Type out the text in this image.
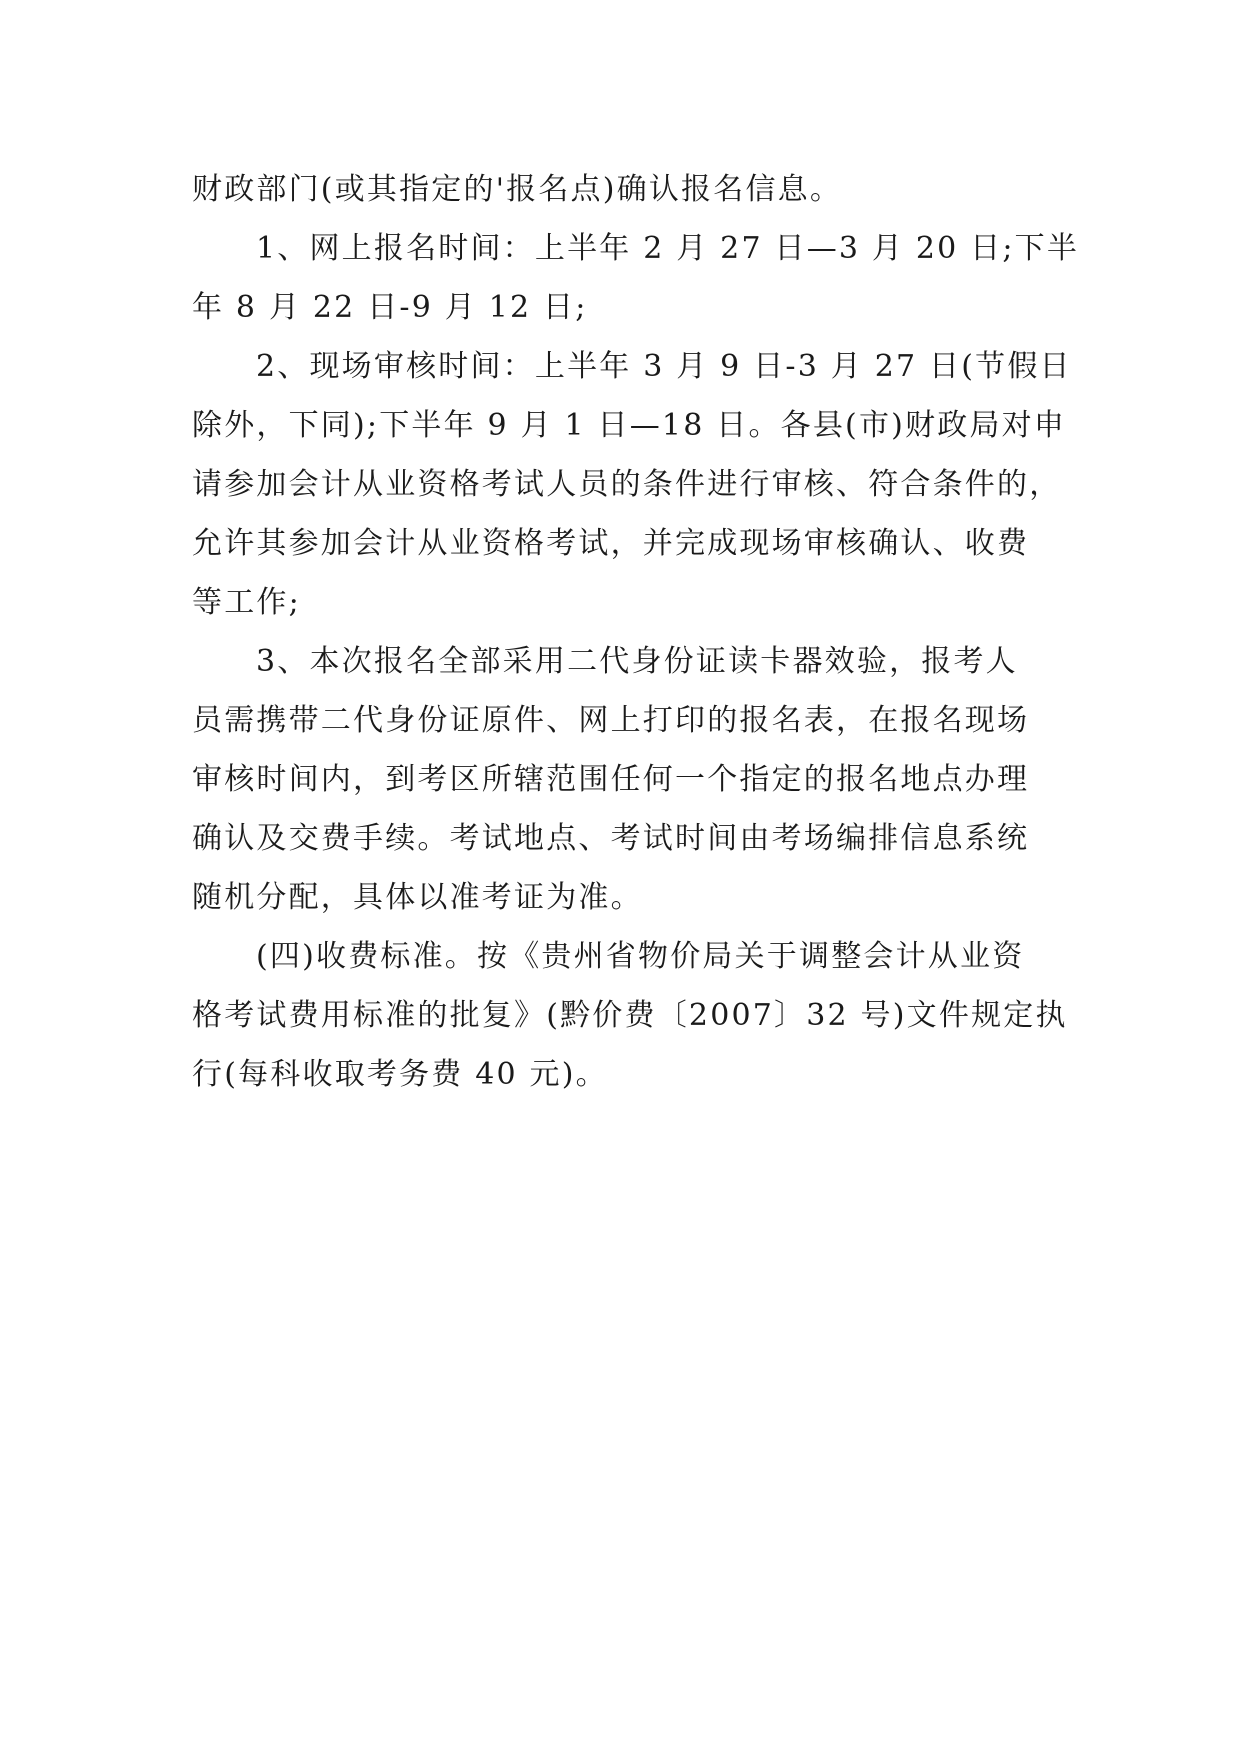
财政部门(或其指定的'报名点)确认报名信息。
1、网上报名时间：上半年 2 月 27 日—3 月 20 日;下半
年 8 月 22 日-9 月 12 日;
2、现场审核时间：上半年 3 月 9 日-3 月 27 日(节假日
除外，下同);下半年 9 月 1 日—18 日。各县(市)财政局对申
请参加会计从业资格考试人员的条件进行审核、符合条件的，
允许其参加会计从业资格考试，并完成现场审核确认、收费
等工作;
3、本次报名全部采用二代身份证读卡器效验，报考人
员需携带二代身份证原件、网上打印的报名表，在报名现场
审核时间内，到考区所辖范围任何一个指定的报名地点办理
确认及交费手续。考试地点、考试时间由考场编排信息系统
随机分配，具体以准考证为准。
(四)收费标准。按《贵州省物价局关于调整会计从业资
格考试费用标准的批复》(黔价费〔2007〕32 号)文件规定执
行(每科收取考务费 40 元)。
